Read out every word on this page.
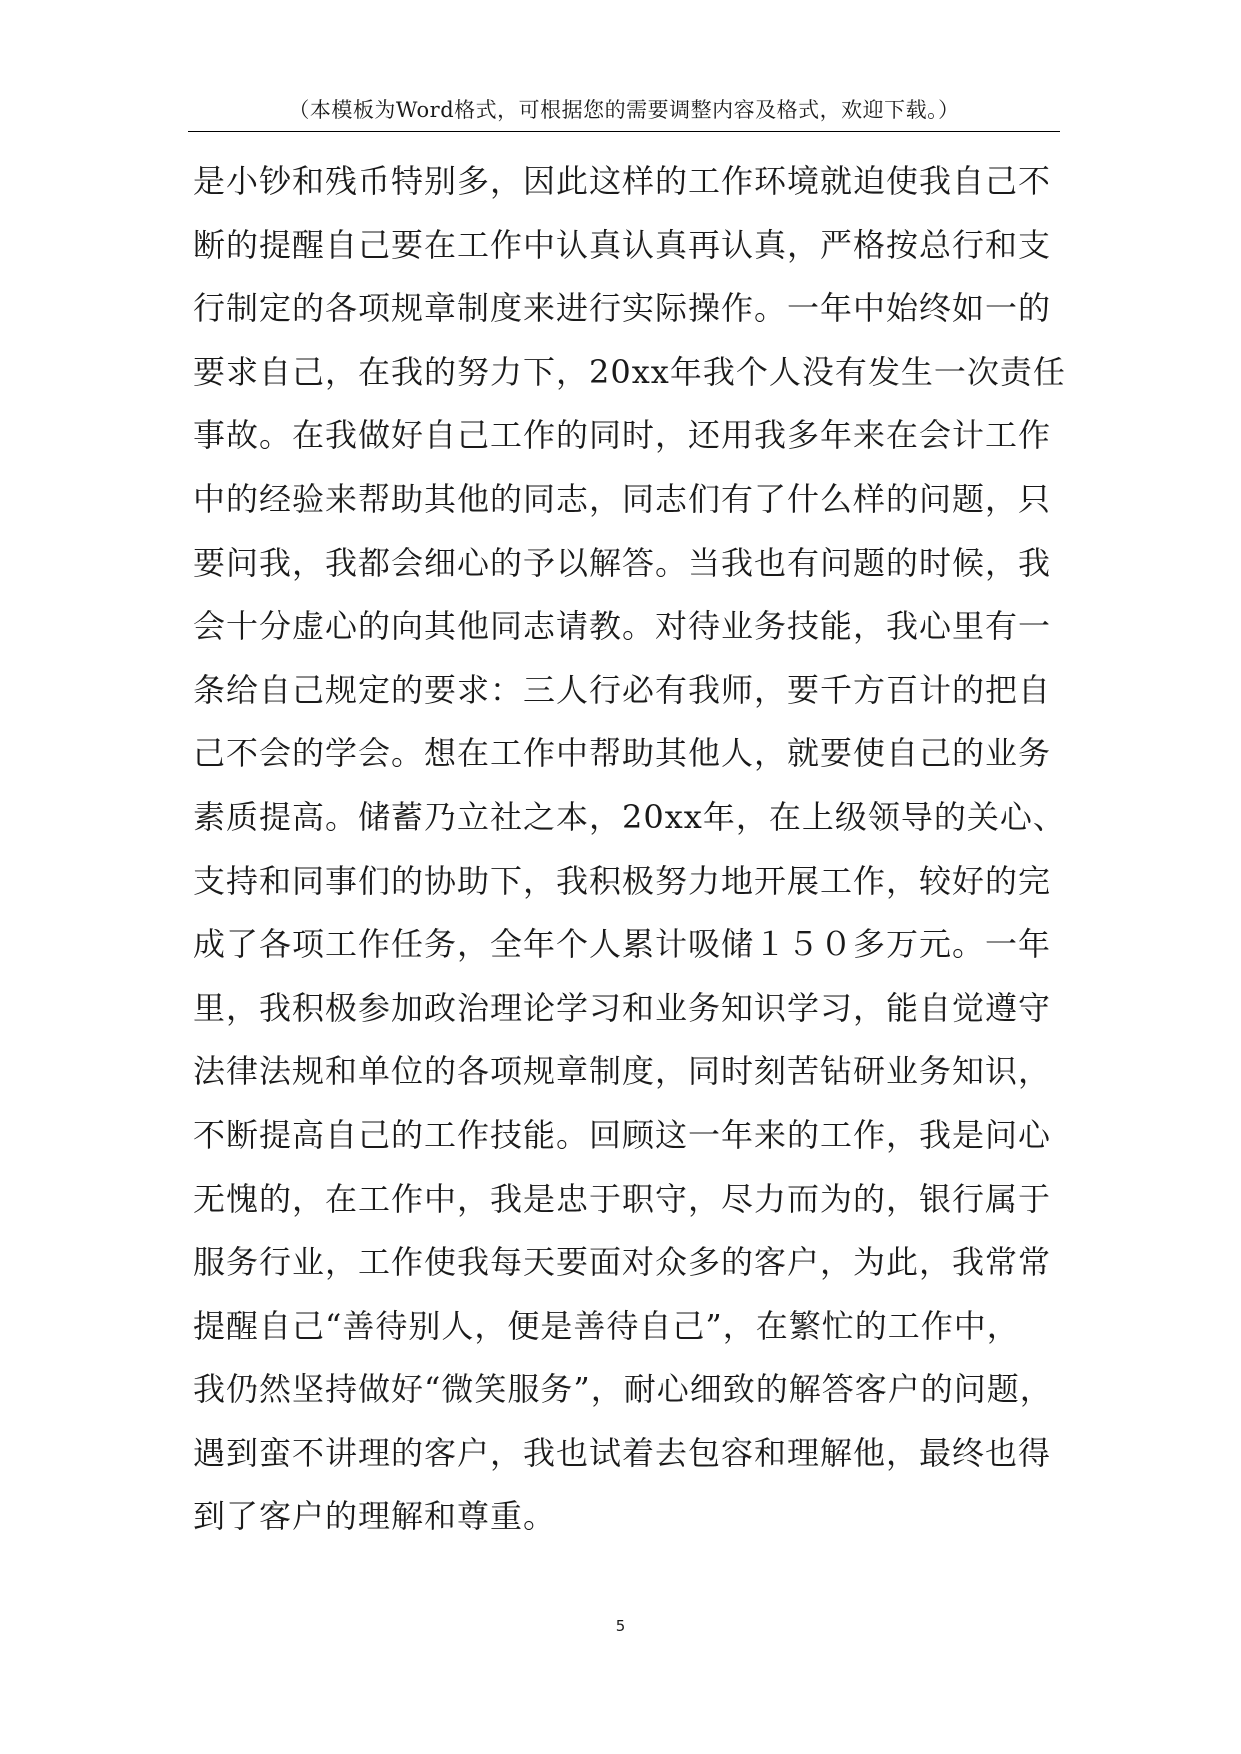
（本模板为Word格式，可根据您的需要调整内容及格式，欢迎下载。）
是小钞和残币特别多，因此这样的工作环境就迫使我自己不
断的提醒自己要在工作中认真认真再认真，严格按总行和支
行制定的各项规章制度来进行实际操作。一年中始终如一的
要求自己，在我的努力下，20xx年我个人没有发生一次责任
事故。在我做好自己工作的同时，还用我多年来在会计工作
中的经验来帮助其他的同志，同志们有了什么样的问题，只
要问我，我都会细心的予以解答。当我也有问题的时候，我
会十分虚心的向其他同志请教。对待业务技能，我心里有一
条给自己规定的要求：三人行必有我师，要千方百计的把自
己不会的学会。想在工作中帮助其他人，就要使自己的业务
素质提高。储蓄乃立社之本，20xx年，在上级领导的关心、
支持和同事们的协助下，我积极努力地开展工作，较好的完
成了各项工作任务，全年个人累计吸储１５０多万元。一年
里，我积极参加政治理论学习和业务知识学习，能自觉遵守
法律法规和单位的各项规章制度，同时刻苦钻研业务知识，
不断提高自己的工作技能。回顾这一年来的工作，我是问心
无愧的，在工作中，我是忠于职守，尽力而为的，银行属于
服务行业，工作使我每天要面对众多的客户，为此，我常常
提醒自己“善待别人，便是善待自己”，在繁忙的工作中，
我仍然坚持做好“微笑服务”，耐心细致的解答客户的问题，
遇到蛮不讲理的客户，我也试着去包容和理解他，最终也得
到了客户的理解和尊重。
5
